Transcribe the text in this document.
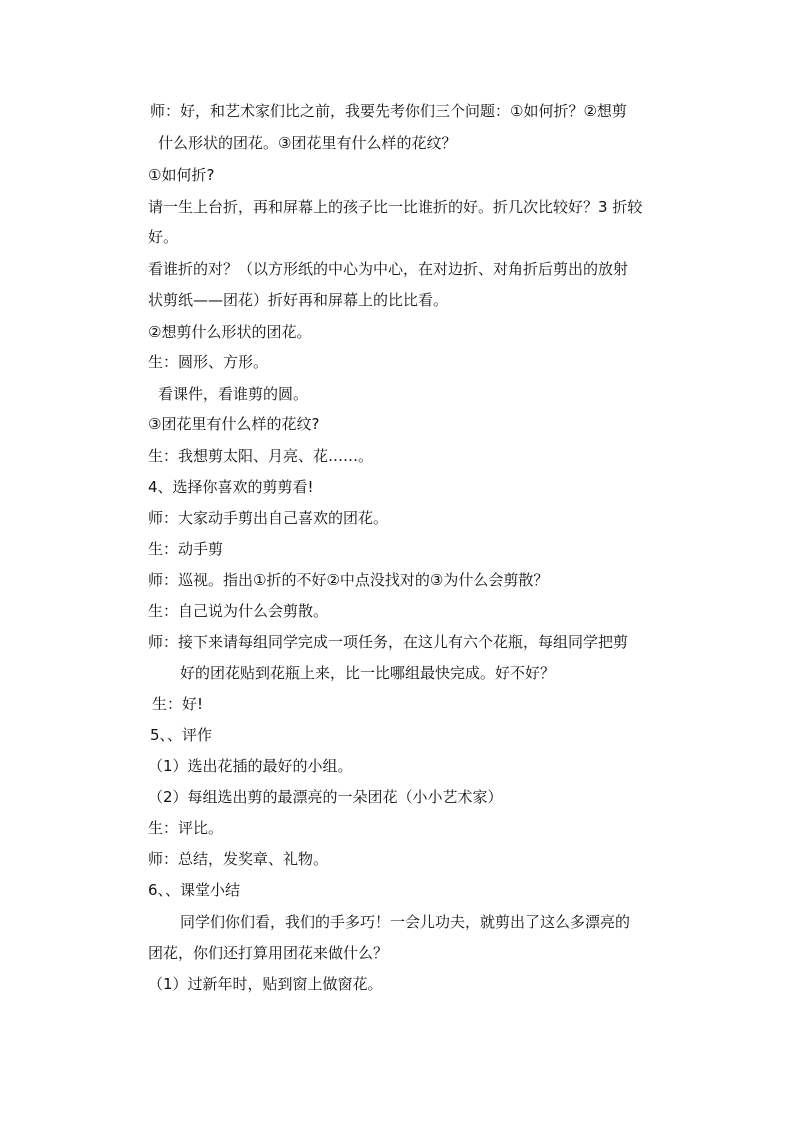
师：好，和艺术家们比之前，我要先考你们三个问题：①如何折？②想剪
什么形状的团花。③团花里有什么样的花纹？
①如何折?
请一生上台折，再和屏幕上的孩子比一比谁折的好。折几次比较好？3 折较
好。
看谁折的对？（以方形纸的中心为中心，在对边折、对角折后剪出的放射
状剪纸——团花）折好再和屏幕上的比比看。
②想剪什么形状的团花。
生：圆形、方形。
看课件，看谁剪的圆。
③团花里有什么样的花纹?
生：我想剪太阳、月亮、花……。
4、选择你喜欢的剪剪看!
师：大家动手剪出自己喜欢的团花。
生：动手剪
师：巡视。指出①折的不好②中点没找对的③为什么会剪散？
生：自己说为什么会剪散。
师：接下来请每组同学完成一项任务，在这儿有六个花瓶，每组同学把剪
好的团花贴到花瓶上来，比一比哪组最快完成。好不好？
生：好!
5、、评作
（1）选出花插的最好的小组。
（2）每组选出剪的最漂亮的一朵团花（小小艺术家）
生：评比。
师：总结，发奖章、礼物。
6、、课堂小结
同学们你们看，我们的手多巧！一会儿功夫，就剪出了这么多漂亮的
团花，你们还打算用团花来做什么？
（1）过新年时，贴到窗上做窗花。
